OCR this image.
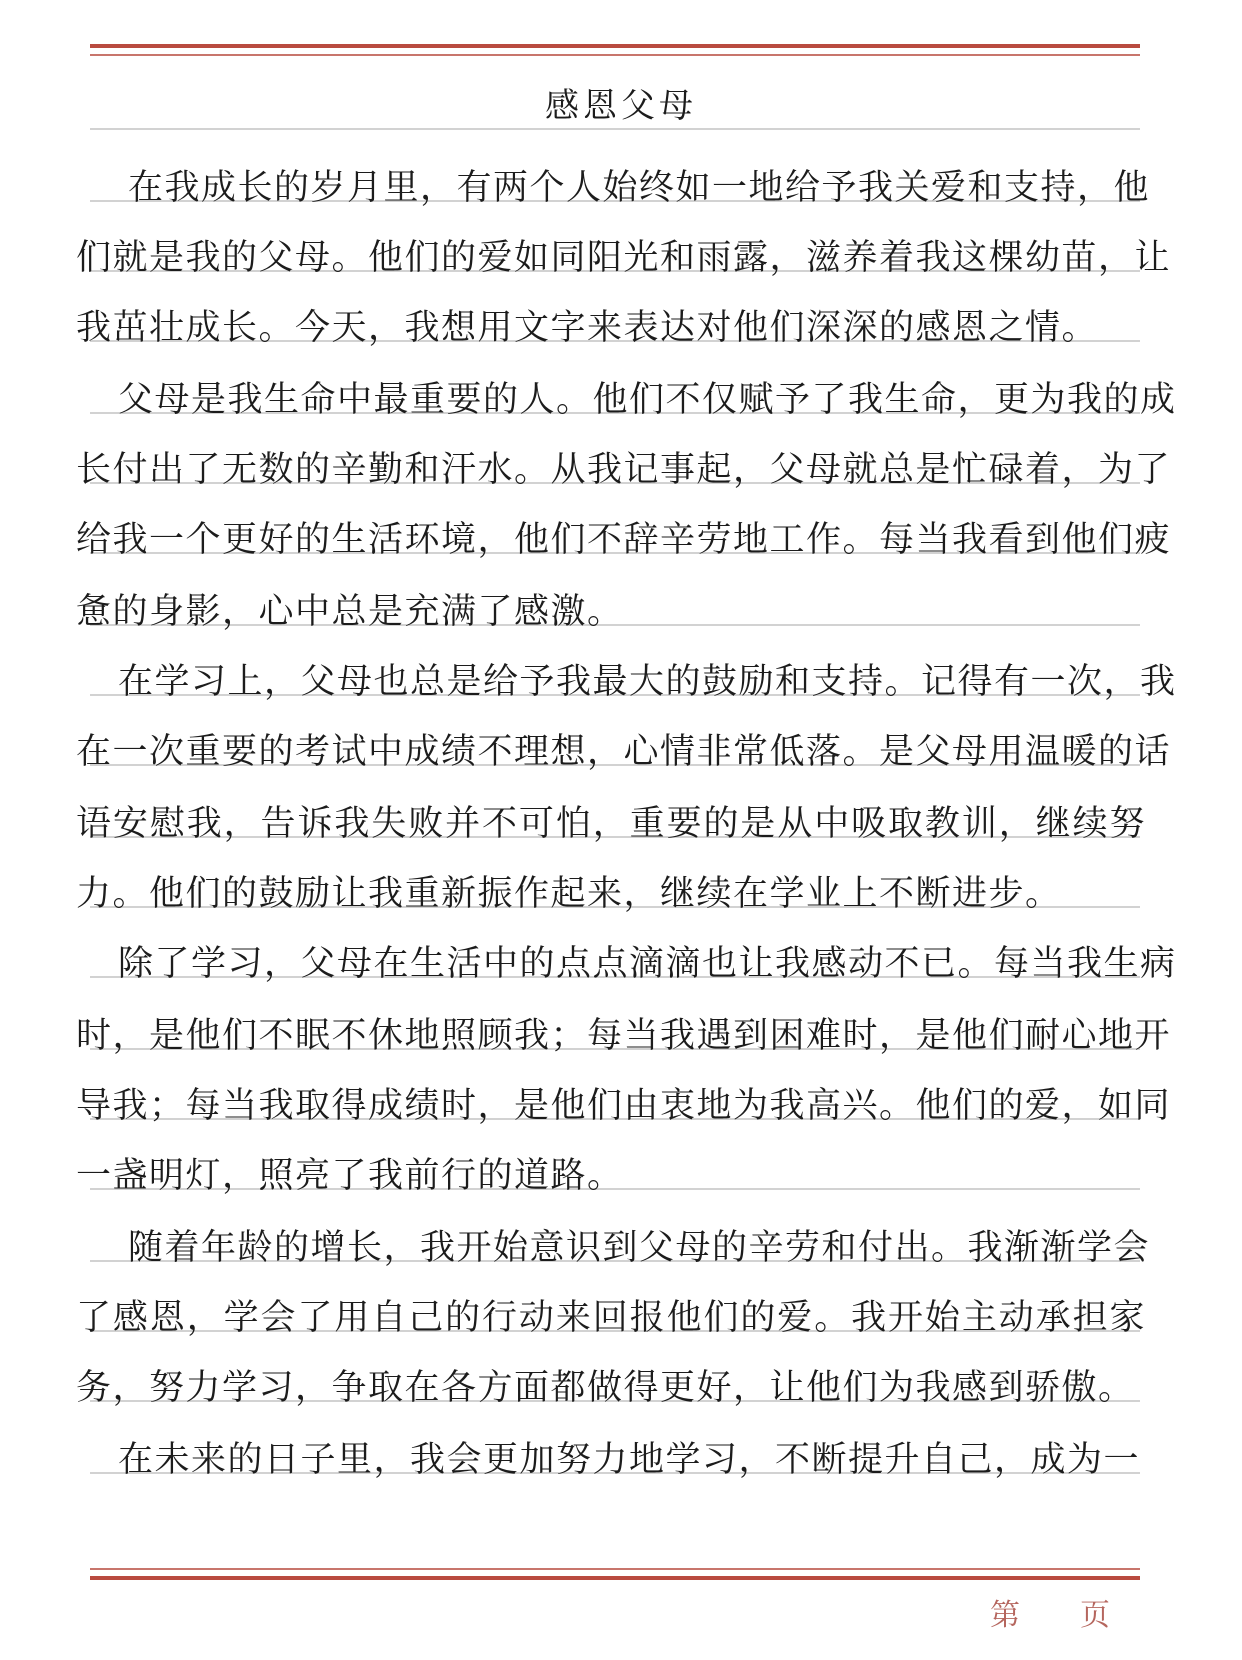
感恩父母
在我成长的岁月里，有两个人始终如一地给予我关爱和支持，他
们就是我的父母。他们的爱如同阳光和雨露，滋养着我这棵幼苗，让
我茁壮成长。今天，我想用文字来表达对他们深深的感恩之情。
父母是我生命中最重要的人。他们不仅赋予了我生命，更为我的成
长付出了无数的辛勤和汗水。从我记事起，父母就总是忙碌着，为了
给我一个更好的生活环境，他们不辞辛劳地工作。每当我看到他们疲
惫的身影，心中总是充满了感激。
在学习上，父母也总是给予我最大的鼓励和支持。记得有一次，我
在一次重要的考试中成绩不理想，心情非常低落。是父母用温暖的话
语安慰我，告诉我失败并不可怕，重要的是从中吸取教训，继续努
力。他们的鼓励让我重新振作起来，继续在学业上不断进步。
除了学习，父母在生活中的点点滴滴也让我感动不已。每当我生病
时，是他们不眠不休地照顾我；每当我遇到困难时，是他们耐心地开
导我；每当我取得成绩时，是他们由衷地为我高兴。他们的爱，如同
一盏明灯，照亮了我前行的道路。
随着年龄的增长，我开始意识到父母的辛劳和付出。我渐渐学会
了感恩，学会了用自己的行动来回报他们的爱。我开始主动承担家
务，努力学习，争取在各方面都做得更好，让他们为我感到骄傲。
在未来的日子里，我会更加努力地学习，不断提升自己，成为一
第 页
